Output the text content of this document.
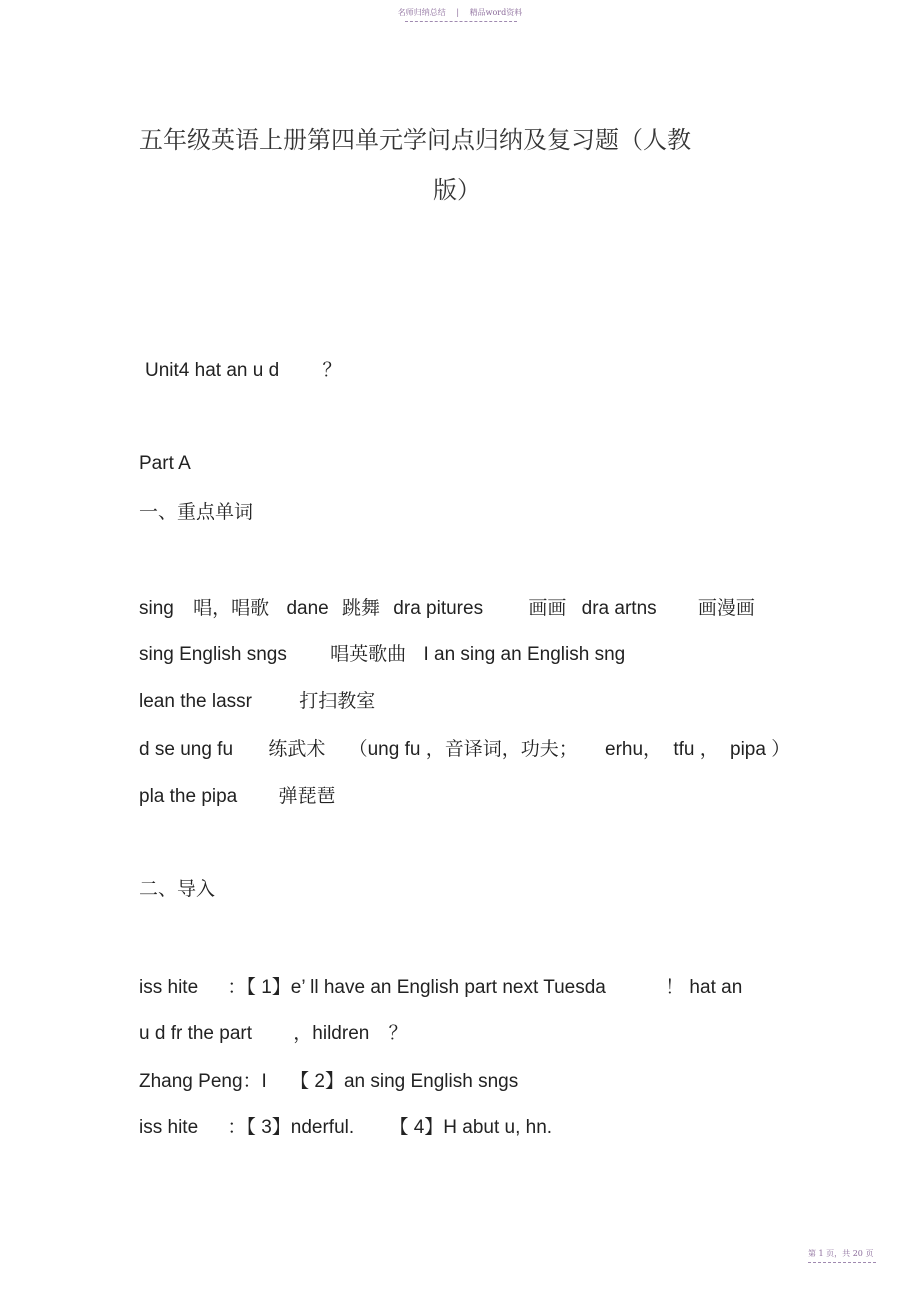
名师归纳总结 | 精品word资料
五年级英语上册第四单元学问点归纳及复习题（人教
版）
Unit4 hat an u d ？
Part A
一、重点单词
sing 唱，唱歌 dane 跳舞 dra pitures 画画 dra artns 画漫画
sing English sngs 唱英歌曲 I an sing an English sng
lean the lassr 打扫教室
d se ung fu 练武术 （ung fu ，音译词，功夫； erhu， tfu ， pipa ）
pla the pipa 弹琵琶
二、导入
iss hite ：【 1】e’ ll have an English part next Tuesda	！ hat an
u d fr the part ，hildren ？
Zhang Peng：I 【 2】an sing English sngs
iss hite ：【 3】nderful. 【 4】H abut u, hn.
第 1 页，共 20 页
